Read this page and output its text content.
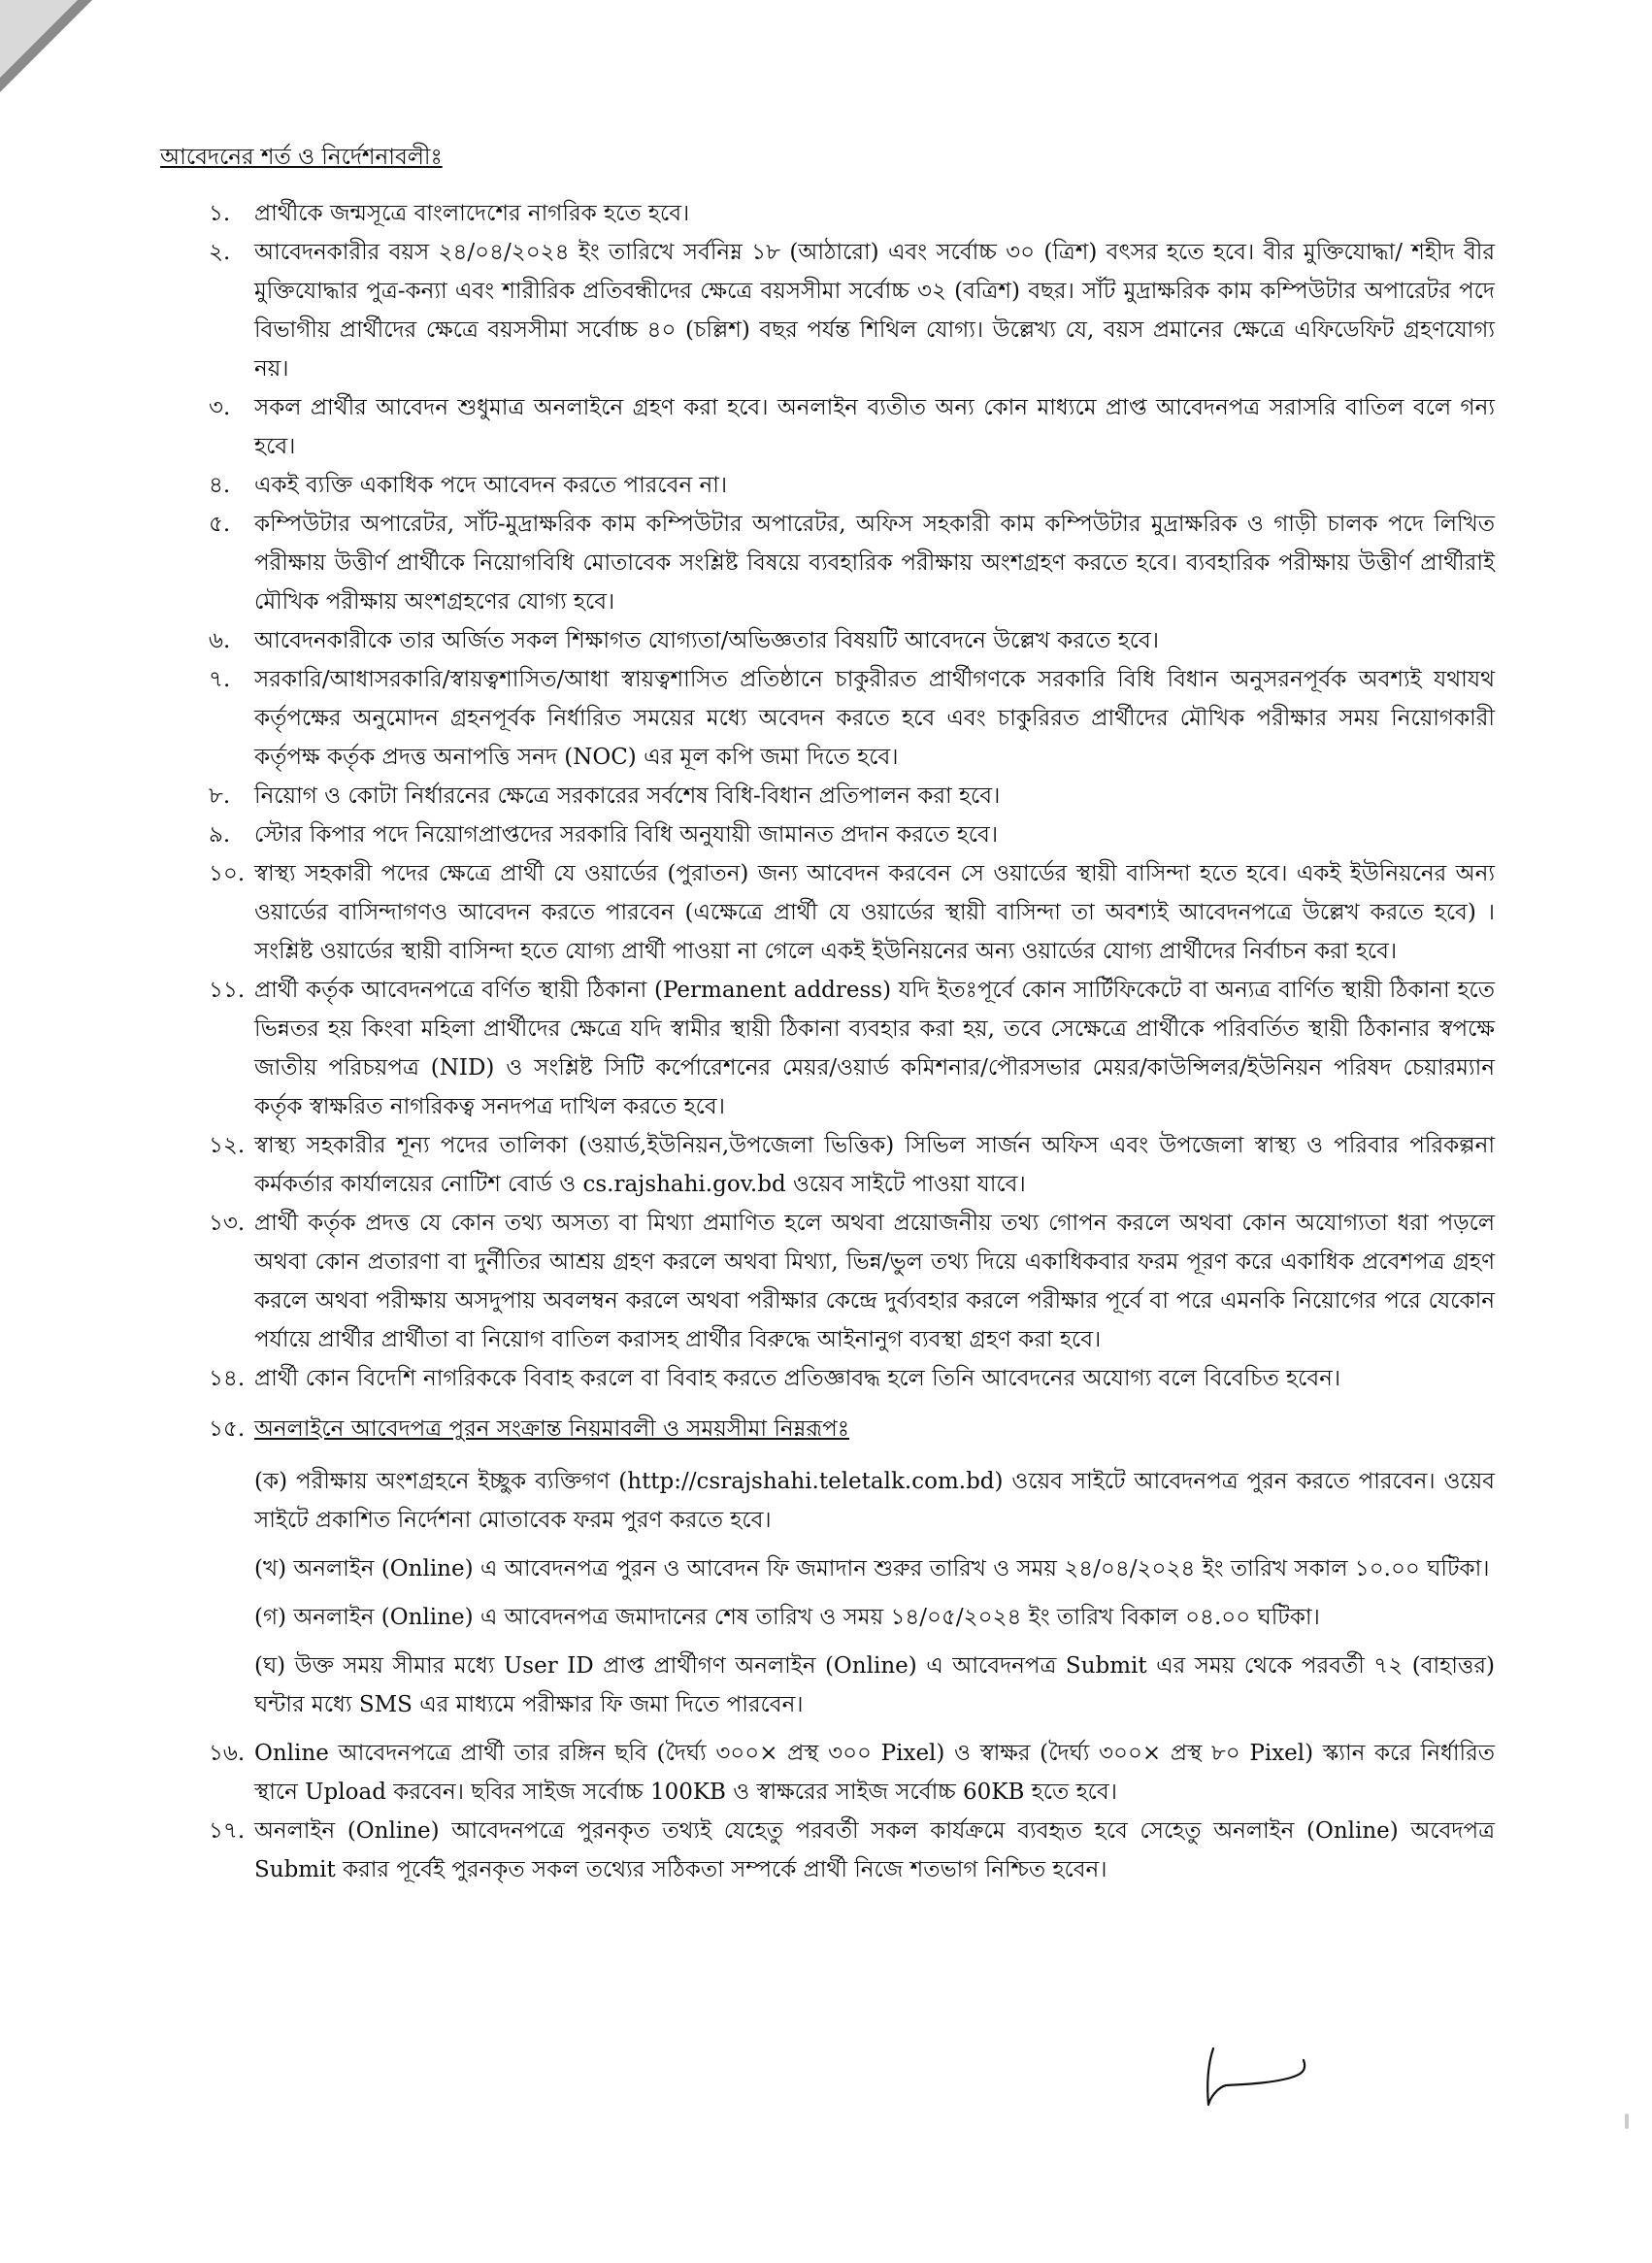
আবেদনের শর্ত ও নির্দেশনাবলীঃ
১. প্রার্থীকে জন্মসূত্রে বাংলাদেশের নাগরিক হতে হবে।
২. আবেদনকারীর বয়স ২৪/০৪/২০২৪ ইং তারিখে সর্বনিম্ন ১৮ (আঠারো) এবং সর্বোচ্চ ৩০ (ত্রিশ) বৎসর হতে হবে। বীর মুক্তিযোদ্ধা/ শহীদ বীর মুক্তিযোদ্ধার পুত্র-কন্যা এবং শারীরিক প্রতিবন্ধীদের ক্ষেত্রে বয়সসীমা সর্বোচ্চ ৩২ (বত্রিশ) বছর। সাঁট মুদ্রাক্ষরিক কাম কম্পিউটার অপারেটর পদে বিভাগীয় প্রার্থীদের ক্ষেত্রে বয়সসীমা সর্বোচ্চ ৪০ (চল্লিশ) বছর পর্যন্ত শিথিল যোগ্য। উল্লেখ্য যে, বয়স প্রমানের ক্ষেত্রে এফিডেফিট গ্রহণযোগ্য নয়।
৩. সকল প্রার্থীর আবেদন শুধুমাত্র অনলাইনে গ্রহণ করা হবে। অনলাইন ব্যতীত অন্য কোন মাধ্যমে প্রাপ্ত আবেদনপত্র সরাসরি বাতিল বলে গন্য হবে।
৪. একই ব্যক্তি একাধিক পদে আবেদন করতে পারবেন না।
৫. কম্পিউটার অপারেটর, সাঁট-মুদ্রাক্ষরিক কাম কম্পিউটার অপারেটর, অফিস সহকারী কাম কম্পিউটার মুদ্রাক্ষরিক ও গাড়ী চালক পদে লিখিত পরীক্ষায় উত্তীর্ণ প্রার্থীকে নিয়োগবিধি মোতাবেক সংশ্লিষ্ট বিষয়ে ব্যবহারিক পরীক্ষায় অংশগ্রহণ করতে হবে। ব্যবহারিক পরীক্ষায় উত্তীর্ণ প্রার্থীরাই মৌখিক পরীক্ষায় অংশগ্রহণের যোগ্য হবে।
৬. আবেদনকারীকে তার অর্জিত সকল শিক্ষাগত যোগ্যতা/অভিজ্ঞতার বিষয়টি আবেদনে উল্লেখ করতে হবে।
৭. সরকারি/আধাসরকারি/স্বায়ত্বশাসিত/আধা স্বায়ত্বশাসিত প্রতিষ্ঠানে চাকুরীরত প্রার্থীগণকে সরকারি বিধি বিধান অনুসরনপূর্বক অবশ্যই যথাযথ কর্তৃপক্ষের অনুমোদন গ্রহনপূর্বক নির্ধারিত সময়ের মধ্যে অবেদন করতে হবে এবং চাকুরিরত প্রার্থীদের মৌখিক পরীক্ষার সময় নিয়োগকারী কর্তৃপক্ষ কর্তৃক প্রদত্ত অনাপত্তি সনদ (NOC) এর মূল কপি জমা দিতে হবে।
৮. নিয়োগ ও কোটা নির্ধারনের ক্ষেত্রে সরকারের সর্বশেষ বিধি-বিধান প্রতিপালন করা হবে।
৯. স্টোর কিপার পদে নিয়োগপ্রাপ্তদের সরকারি বিধি অনুযায়ী জামানত প্রদান করতে হবে।
১০. স্বাস্থ্য সহকারী পদের ক্ষেত্রে প্রার্থী যে ওয়ার্ডের (পুরাতন) জন্য আবেদন করবেন সে ওয়ার্ডের স্থায়ী বাসিন্দা হতে হবে। একই ইউনিয়নের অন্য ওয়ার্ডের বাসিন্দাগণও আবেদন করতে পারবেন (এক্ষেত্রে প্রার্থী যে ওয়ার্ডের স্থায়ী বাসিন্দা তা অবশ্যই আবেদনপত্রে উল্লেখ করতে হবে) । সংশ্লিষ্ট ওয়ার্ডের স্থায়ী বাসিন্দা হতে যোগ্য প্রার্থী পাওয়া না গেলে একই ইউনিয়নের অন্য ওয়ার্ডের যোগ্য প্রার্থীদের নির্বাচন করা হবে।
১১. প্রার্থী কর্তৃক আবেদনপত্রে বর্ণিত স্থায়ী ঠিকানা (Permanent address) যদি ইতঃপূর্বে কোন সার্টিফিকেটে বা অন্যত্র বার্ণিত স্থায়ী ঠিকানা হতে ভিন্নতর হয় কিংবা মহিলা প্রার্থীদের ক্ষেত্রে যদি স্বামীর স্থায়ী ঠিকানা ব্যবহার করা হয়, তবে সেক্ষেত্রে প্রার্থীকে পরিবর্তিত স্থায়ী ঠিকানার স্বপক্ষে জাতীয় পরিচয়পত্র (NID) ও সংশ্লিষ্ট সিটি কর্পোরেশনের মেয়র/ওয়ার্ড কমিশনার/পৌরসভার মেয়র/কাউন্সিলর/ইউনিয়ন পরিষদ চেয়ারম্যান কর্তৃক স্বাক্ষরিত নাগরিকত্ব সনদপত্র দাখিল করতে হবে।
১২. স্বাস্থ্য সহকারীর শূন্য পদের তালিকা (ওয়ার্ড,ইউনিয়ন,উপজেলা ভিত্তিক) সিভিল সার্জন অফিস এবং উপজেলা স্বাস্থ্য ও পরিবার পরিকল্পনা কর্মকর্তার কার্যালয়ের নোটিশ বোর্ড ও cs.rajshahi.gov.bd ওয়েব সাইটে পাওয়া যাবে।
১৩. প্রার্থী কর্তৃক প্রদত্ত যে কোন তথ্য অসত্য বা মিথ্যা প্রমাণিত হলে অথবা প্রয়োজনীয় তথ্য গোপন করলে অথবা কোন অযোগ্যতা ধরা পড়লে অথবা কোন প্রতারণা বা দুর্নীতির আশ্রয় গ্রহণ করলে অথবা মিথ্যা, ভিন্ন/ভুল তথ্য দিয়ে একাধিকবার ফরম পূরণ করে একাধিক প্রবেশপত্র গ্রহণ করলে অথবা পরীক্ষায় অসদুপায় অবলম্বন করলে অথবা পরীক্ষার কেন্দ্রে দুর্ব্যবহার করলে পরীক্ষার পূর্বে বা পরে এমনকি নিয়োগের পরে যেকোন পর্যায়ে প্রার্থীর প্রার্থীতা বা নিয়োগ বাতিল করাসহ প্রার্থীর বিরুদ্ধে আইনানুগ ব্যবস্থা গ্রহণ করা হবে।
১৪. প্রার্থী কোন বিদেশি নাগরিককে বিবাহ করলে বা বিবাহ করতে প্রতিজ্ঞাবদ্ধ হলে তিনি আবেদনের অযোগ্য বলে বিবেচিত হবেন।
১৫. অনলাইনে আবেদপত্র পুরন সংক্রান্ত নিয়মাবলী ও সময়সীমা নিম্নরূপঃ
(ক) পরীক্ষায় অংশগ্রহনে ইচ্ছুক ব্যক্তিগণ (http://csrajshahi.teletalk.com.bd) ওয়েব সাইটে আবেদনপত্র পুরন করতে পারবেন। ওয়েব সাইটে প্রকাশিত নির্দেশনা মোতাবেক ফরম পুরণ করতে হবে।
(খ) অনলাইন (Online) এ আবেদনপত্র পুরন ও আবেদন ফি জমাদান শুরুর তারিখ ও সময় ২৪/০৪/২০২৪ ইং তারিখ সকাল ১০.০০ ঘটিকা।
(গ) অনলাইন (Online) এ আবেদনপত্র জমাদানের শেষ তারিখ ও সময় ১৪/০৫/২০২৪ ইং তারিখ বিকাল ০৪.০০ ঘটিকা।
(ঘ) উক্ত সময় সীমার মধ্যে User ID প্রাপ্ত প্রার্থীগণ অনলাইন (Online) এ আবেদনপত্র Submit এর সময় থেকে পরবর্তী ৭২ (বাহাত্তর) ঘন্টার মধ্যে SMS এর মাধ্যমে পরীক্ষার ফি জমা দিতে পারবেন।
১৬. Online আবেদনপত্রে প্রার্থী তার রঙ্গিন ছবি (দৈর্ঘ্য ৩০০× প্রস্থ ৩০০ Pixel) ও স্বাক্ষর (দৈর্ঘ্য ৩০০× প্রস্থ ৮০ Pixel) স্ক্যান করে নির্ধারিত স্থানে Upload করবেন। ছবির সাইজ সর্বোচ্চ 100KB ও স্বাক্ষরের সাইজ সর্বোচ্চ 60KB হতে হবে।
১৭. অনলাইন (Online) আবেদনপত্রে পুরনকৃত তথ্যই যেহেতু পরবর্তী সকল কার্যক্রমে ব্যবহৃত হবে সেহেতু অনলাইন (Online) অবেদপত্র Submit করার পূর্বেই পুরনকৃত সকল তথ্যের সঠিকতা সম্পর্কে প্রার্থী নিজে শতভাগ নিশ্চিত হবেন।
